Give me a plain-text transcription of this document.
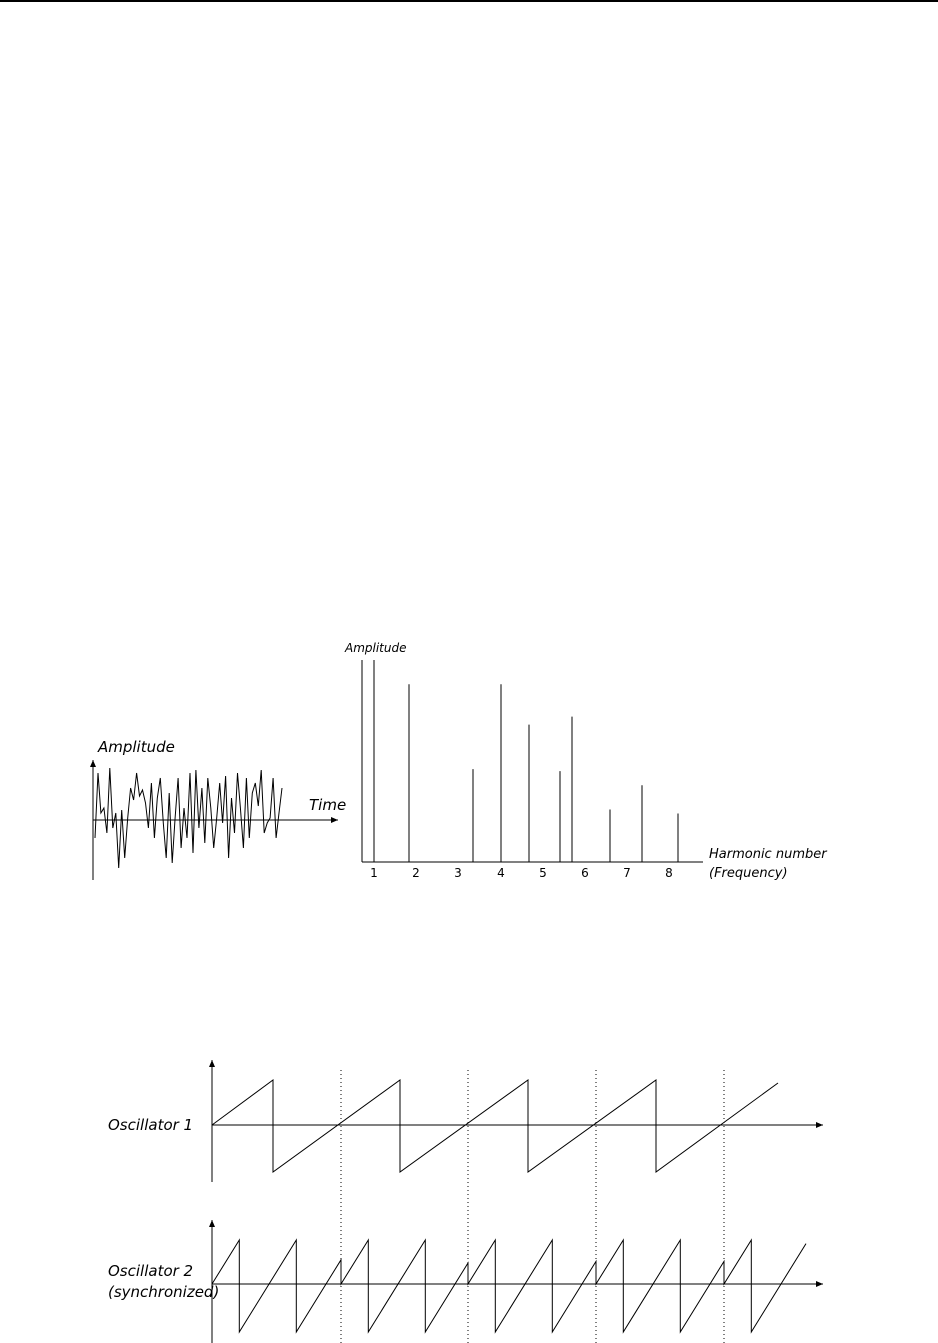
Amplitude
Time
Amplitude
1	2	3	4	5	6	7	8
Harmonic number
(Frequency)
Oscillator 1
Oscillator 2
(synchronized)
